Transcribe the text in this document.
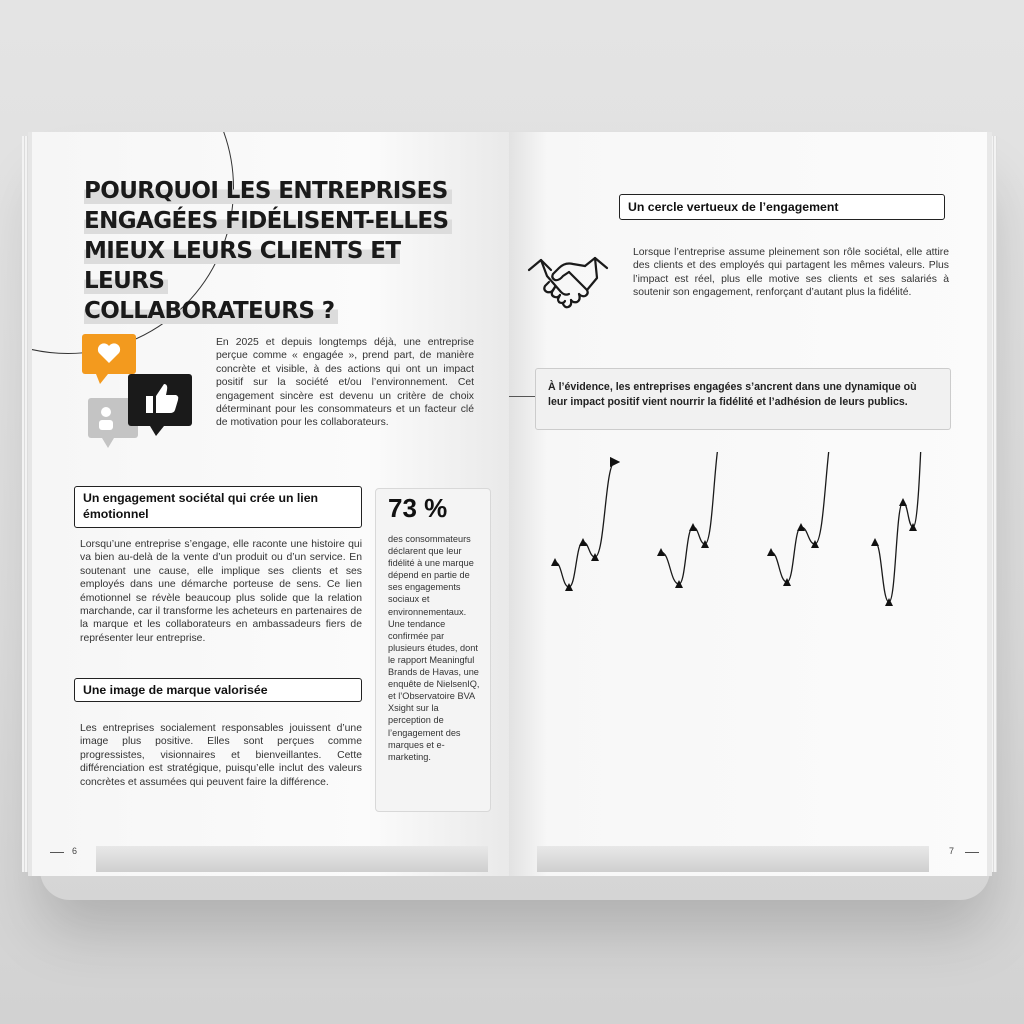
POURQUOI LES ENTREPRISES
ENGAGÉES FIDÉLISENT-ELLES
MIEUX LEURS CLIENTS ET LEURS
COLLABORATEURS ?
En 2025 et depuis longtemps déjà, une entreprise perçue comme « engagée », prend part, de manière concrète et visible, à des actions qui ont un impact positif sur la société et/ou l’environnement. Cet engagement sincère est devenu un critère de choix déterminant pour les consommateurs et un facteur clé de motivation pour les collaborateurs.
Un engagement sociétal qui crée un lien émotionnel
Lorsqu’une entreprise s’engage, elle raconte une histoire qui va bien au-delà de la vente d’un produit ou d’un service. En soutenant une cause, elle implique ses clients et ses employés dans une démarche porteuse de sens. Ce lien émotionnel se révèle beaucoup plus solide que la relation marchande, car il transforme les acheteurs en partenaires de la marque et les collaborateurs en ambassadeurs fiers de représenter leur entreprise.
Une image de marque valorisée
Les entreprises socialement responsables jouissent d’une image plus positive. Elles sont perçues comme progressistes, visionnaires et bienveillantes. Cette différenciation est stratégique, puisqu’elle inclut des valeurs concrètes et assumées qui peuvent faire la différence.
73 %
des consommateurs déclarent que leur fidélité à une marque dépend en partie de ses engagements sociaux et environnementaux. Une tendance confirmée par plusieurs études, dont le rapport Meaningful Brands de Havas, une enquête de NielsenIQ, et l’Observatoire BVA Xsight sur la perception de l’engagement des marques et e-marketing.
6
Un cercle vertueux de l’engagement
Lorsque l’entreprise assume pleinement son rôle sociétal, elle attire des clients et des employés qui partagent les mêmes valeurs. Plus l’impact est réel, plus elle motive ses clients et ses salariés à soutenir son engagement, renforçant d’autant plus la fidélité.
À l’évidence, les entreprises engagées s’ancrent dans une dynamique où leur impact positif vient nourrir la fidélité et l’adhésion de leurs publics.
7
